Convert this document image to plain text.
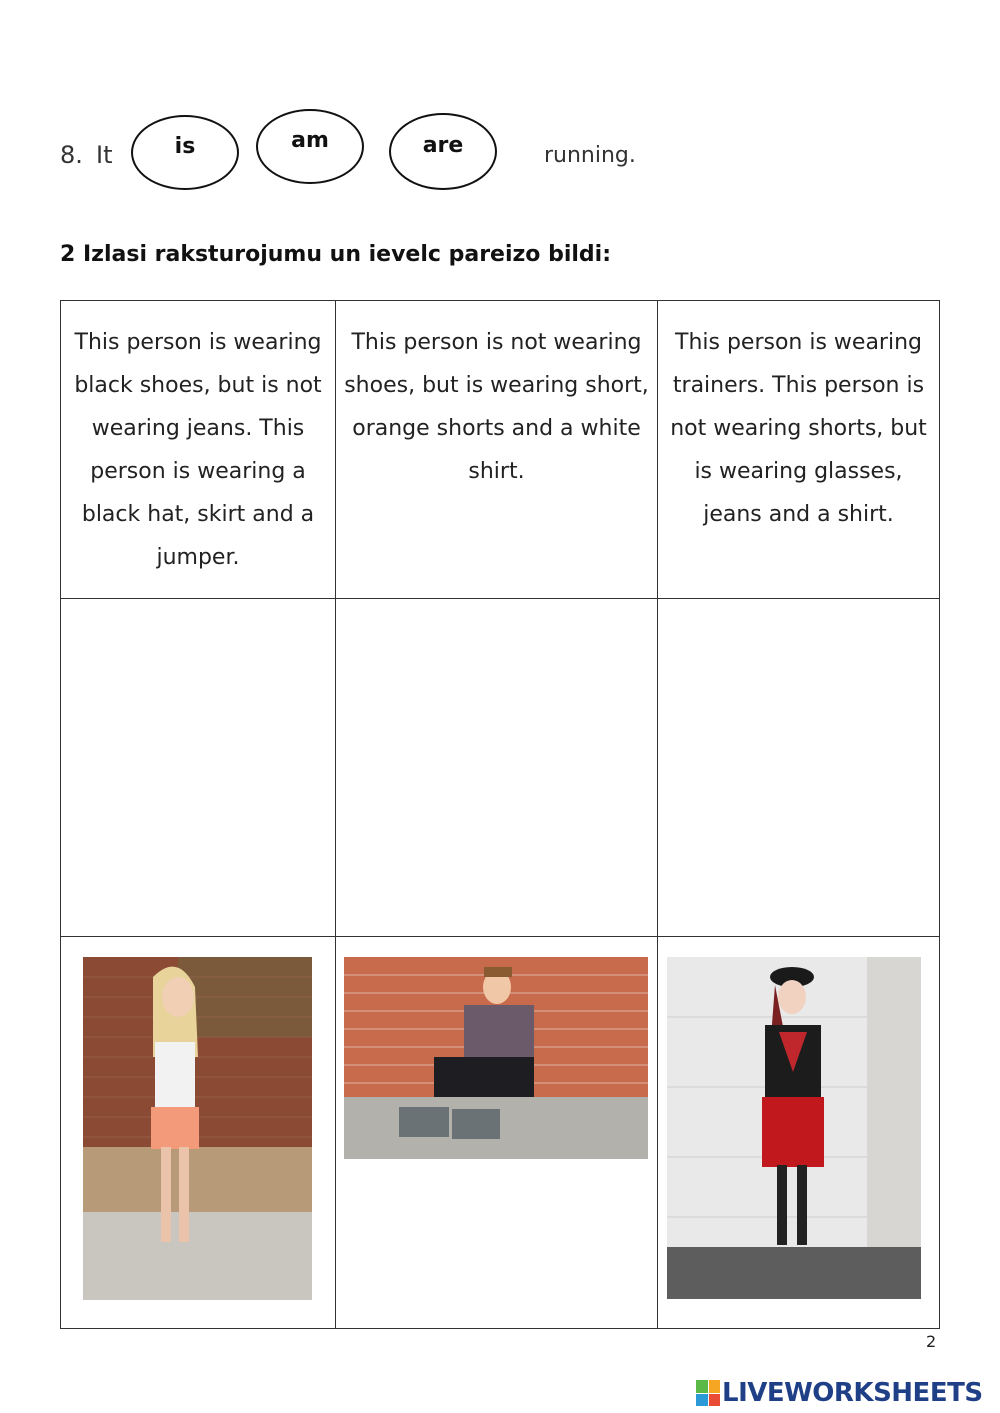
8. It	is	am	are	running.
2 Izlasi raksturojumu un ievelc pareizo bildi:
This person is wearing black shoes, but is not wearing jeans. This person is wearing a black hat, skirt and a jumper.	This person is not wearing shoes, but is wearing short, orange shorts and a white shirt.	This person is wearing trainers. This person is not wearing shorts, but is wearing glasses, jeans and a shirt.

2
LIVEWORKSHEETS
